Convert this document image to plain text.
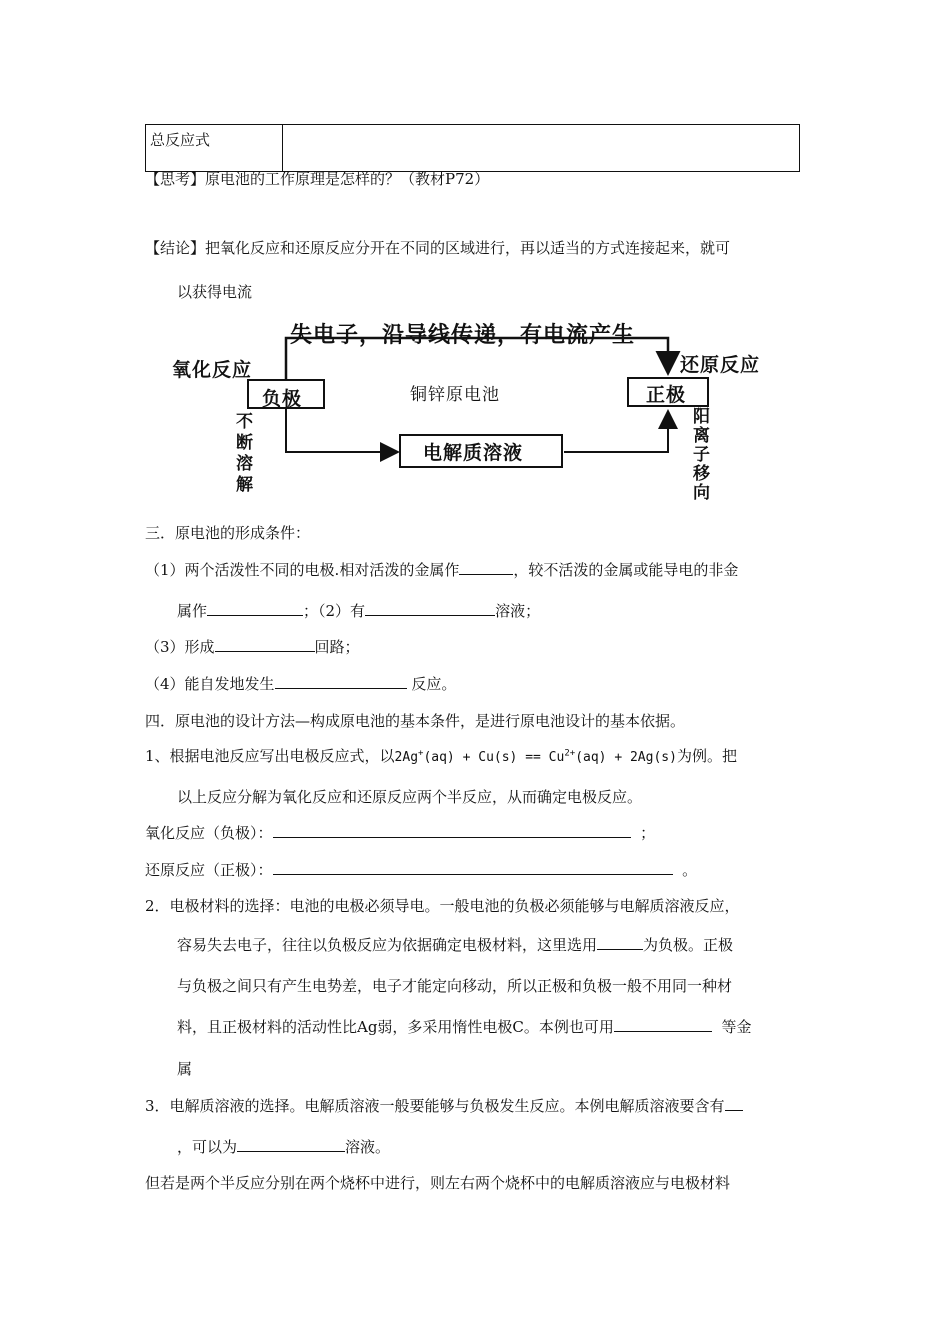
总反应式	
【思考】原电池的工作原理是怎样的？（教材P72）
【结论】把氧化反应和还原反应分开在不同的区域进行，再以适当的方式连接起来，就可
以获得电流
失电子，沿导线传递，有电流产生
氧化反应	还原反应
负极	正极
铜锌原电池
电解质溶液
不
断
溶
解
阳
离
子
移
向
三．原电池的形成条件：
（1）两个活泼性不同的电极.相对活泼的金属作	，较不活泼的金属或能导电的非金
属作	；（2）有	溶液；
（3）形成	回路；
（4）能自发地发生	反应。
四．原电池的设计方法—构成原电池的基本条件，是进行原电池设计的基本依据。
1、根据电池反应写出电极反应式，以$2Ag^+(aq) + Cu(s) == Cu^{2+}(aq) + 2Ag(s)$为例。把
以上反应分解为氧化反应和还原反应两个半反应，从而确定电极反应。
氧化反应（负极）：	；
还原反应（正极）：	。
2．电极材料的选择：电池的电极必须导电。一般电池的负极必须能够与电解质溶液反应，
容易失去电子，往往以负极反应为依据确定电极材料，这里选用	为负极。正极
与负极之间只有产生电势差，电子才能定向移动，所以正极和负极一般不用同一种材
料，且正极材料的活动性比Ag弱，多采用惰性电极C。本例也可用	等金
属
3．电解质溶液的选择。电解质溶液一般要能够与负极发生反应。本例电解质溶液要含有
，可以为	溶液。
但若是两个半反应分别在两个烧杯中进行，则左右两个烧杯中的电解质溶液应与电极材料
